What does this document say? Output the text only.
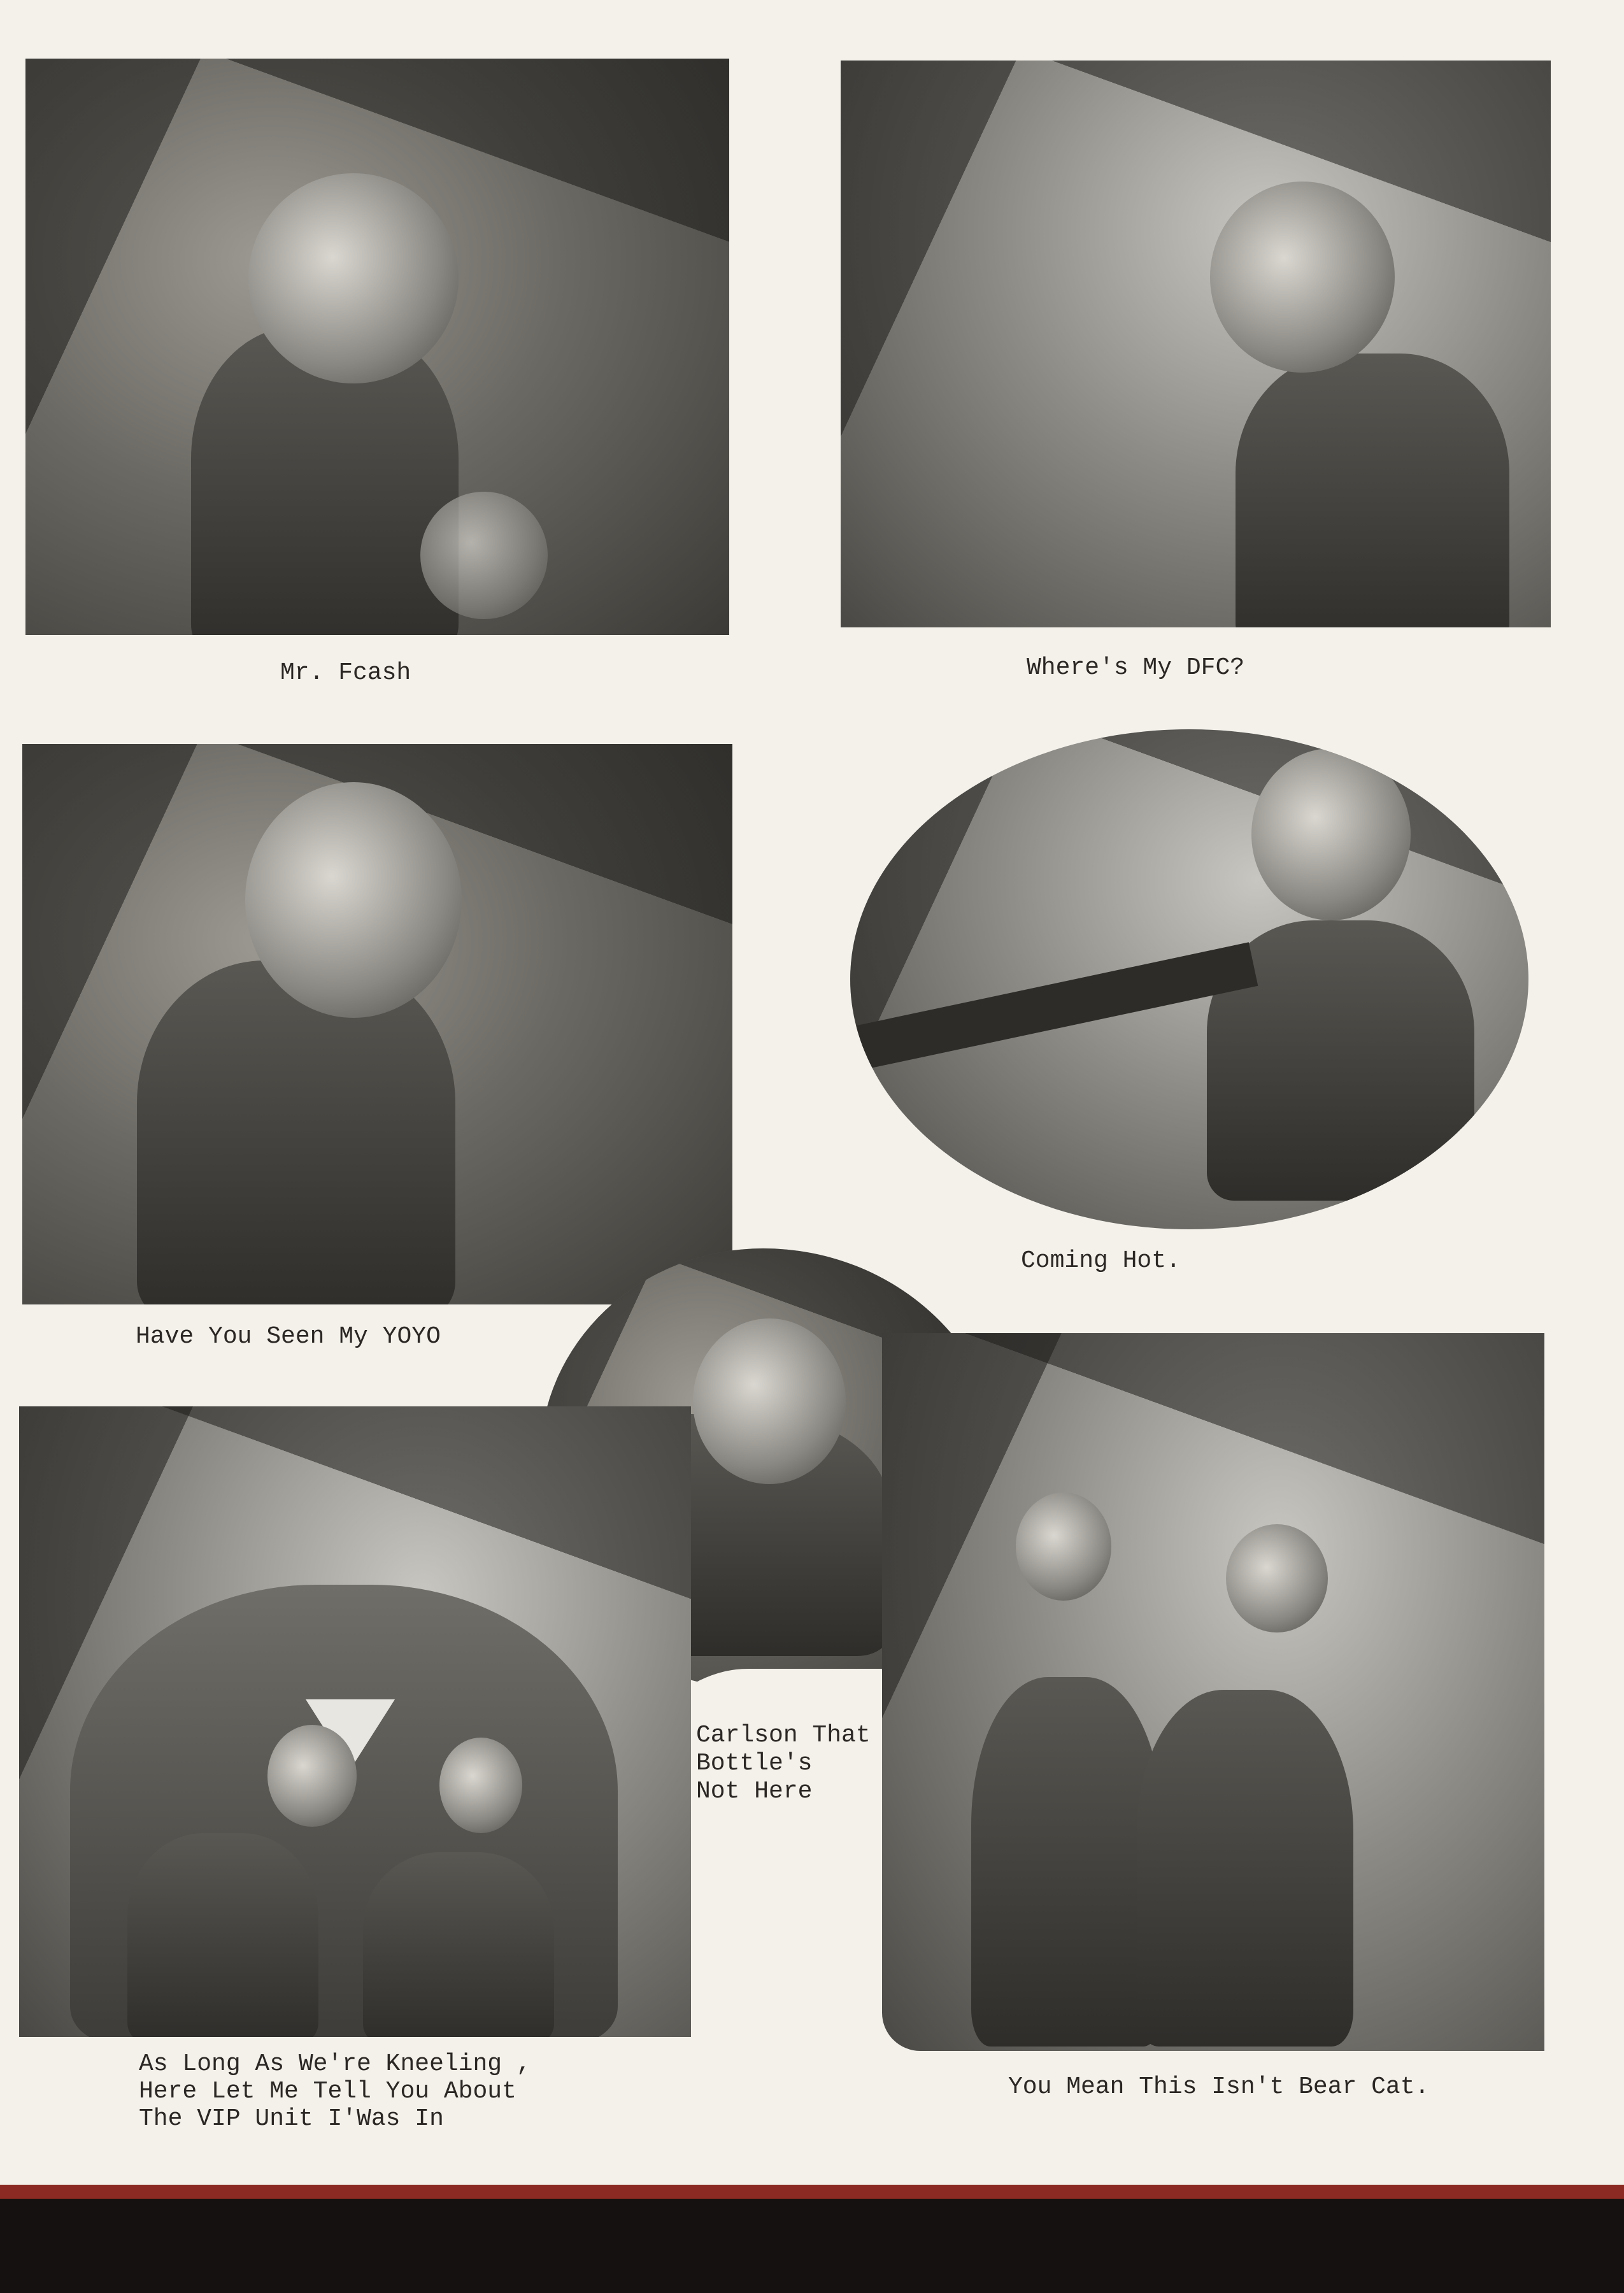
Mr. Fcash	Where's My DFC?
Have You Seen My YOYO
Coming Hot.
Carlson That
Bottle's
Not Here
As Long As We're Kneeling ,
Here Let Me Tell You About
The VIP Unit I'Was In
You Mean This Isn't Bear Cat.
